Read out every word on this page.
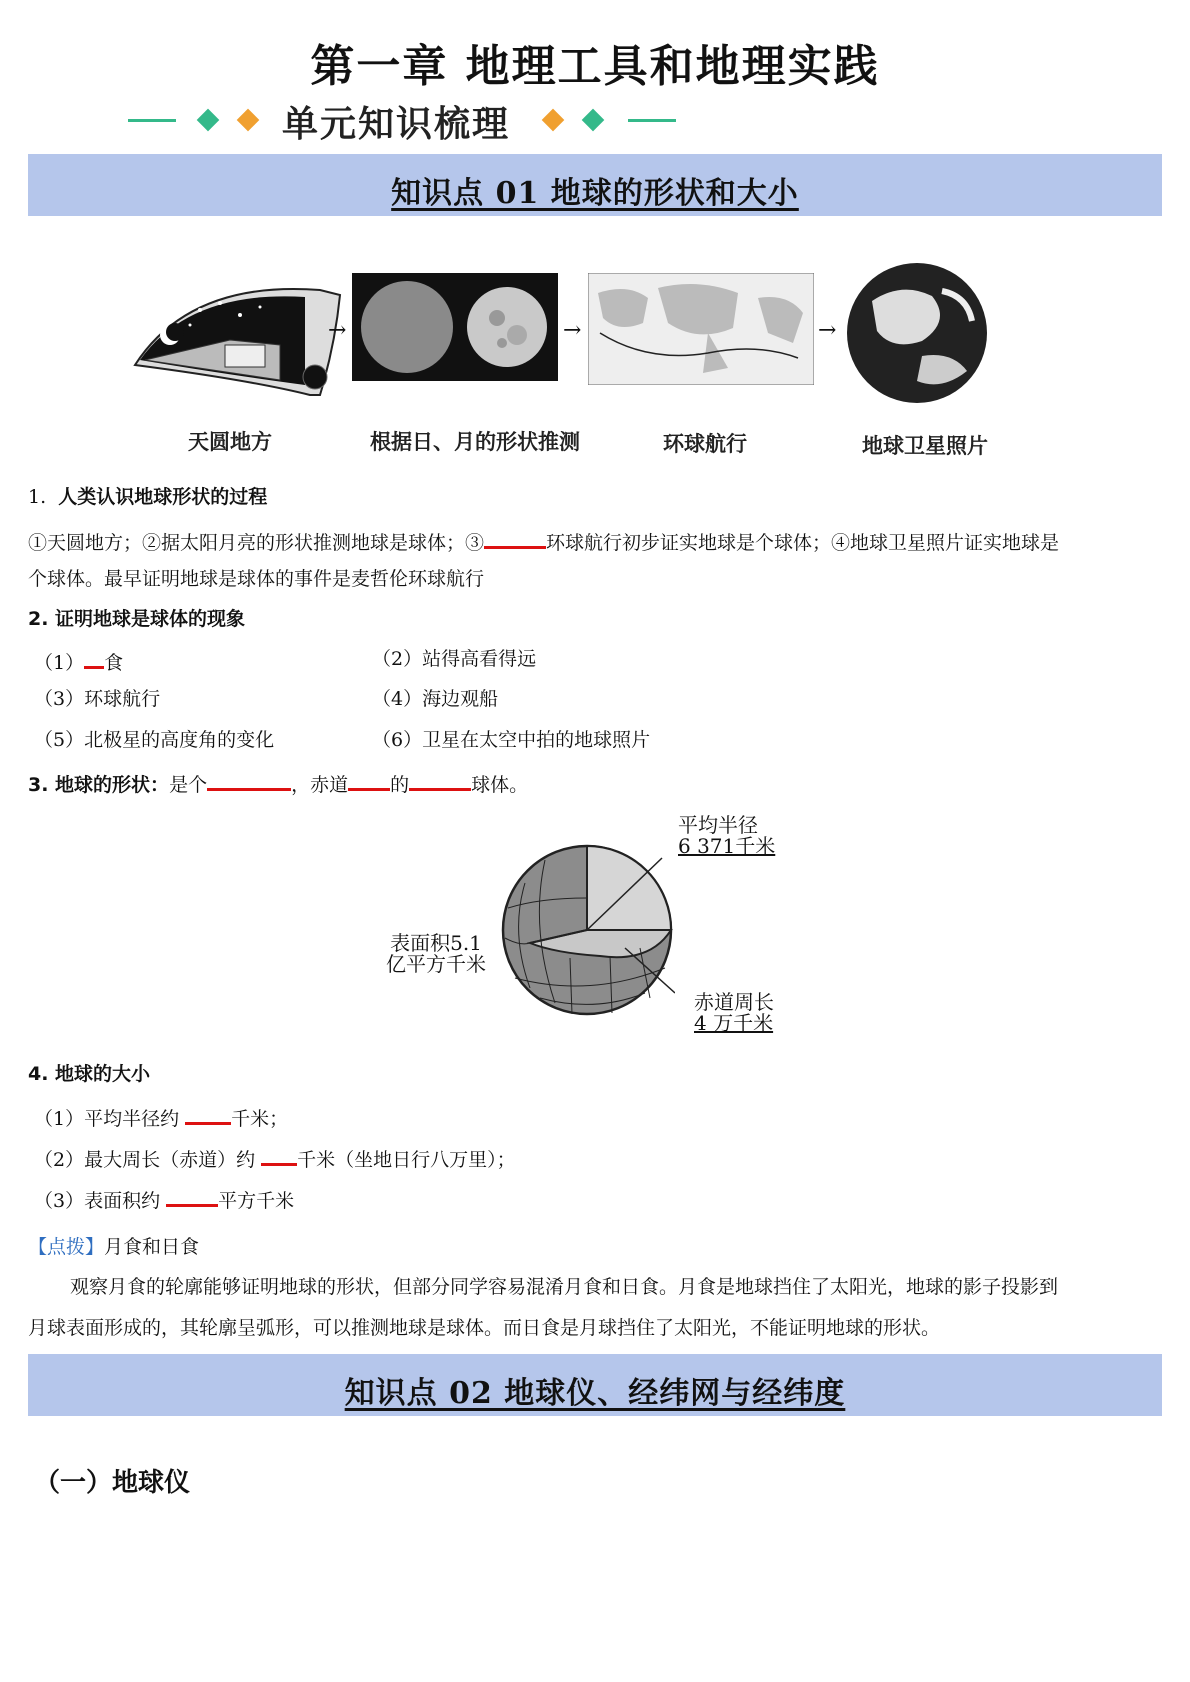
第一章 地理工具和地理实践
单元知识梳理
知识点 01 地球的形状和大小
→	→	→
天圆地方	根据日、月的形状推测	环球航行	地球卫星照片
1. 人类认识地球形状的过程
①天圆地方；②据太阳月亮的形状推测地球是球体；③	环球航行初步证实地球是个球体；④地球卫星照片证实地球是
个球体。最早证明地球是球体的事件是麦哲伦环球航行
2. 证明地球是球体的现象
（1） 食	（2）站得高看得远
（3）环球航行	（4）海边观船
（5）北极星的高度角的变化	（6）卫星在太空中拍的地球照片
3. 地球的形状：是个	，赤道 的	球体。
平均半径
6 371千米
表面积5.1
亿平方千米
赤道周长
4 万千米
4. 地球的大小
（1）平均半径约 千米；
（2）最大周长（赤道）约 千米（坐地日行八万里）；
（3）表面积约	平方千米
【点拨】月食和日食
观察月食的轮廓能够证明地球的形状，但部分同学容易混淆月食和日食。月食是地球挡住了太阳光，地球的影子投影到
月球表面形成的，其轮廓呈弧形，可以推测地球是球体。而日食是月球挡住了太阳光，不能证明地球的形状。
知识点 02 地球仪、经纬网与经纬度
（一）地球仪
